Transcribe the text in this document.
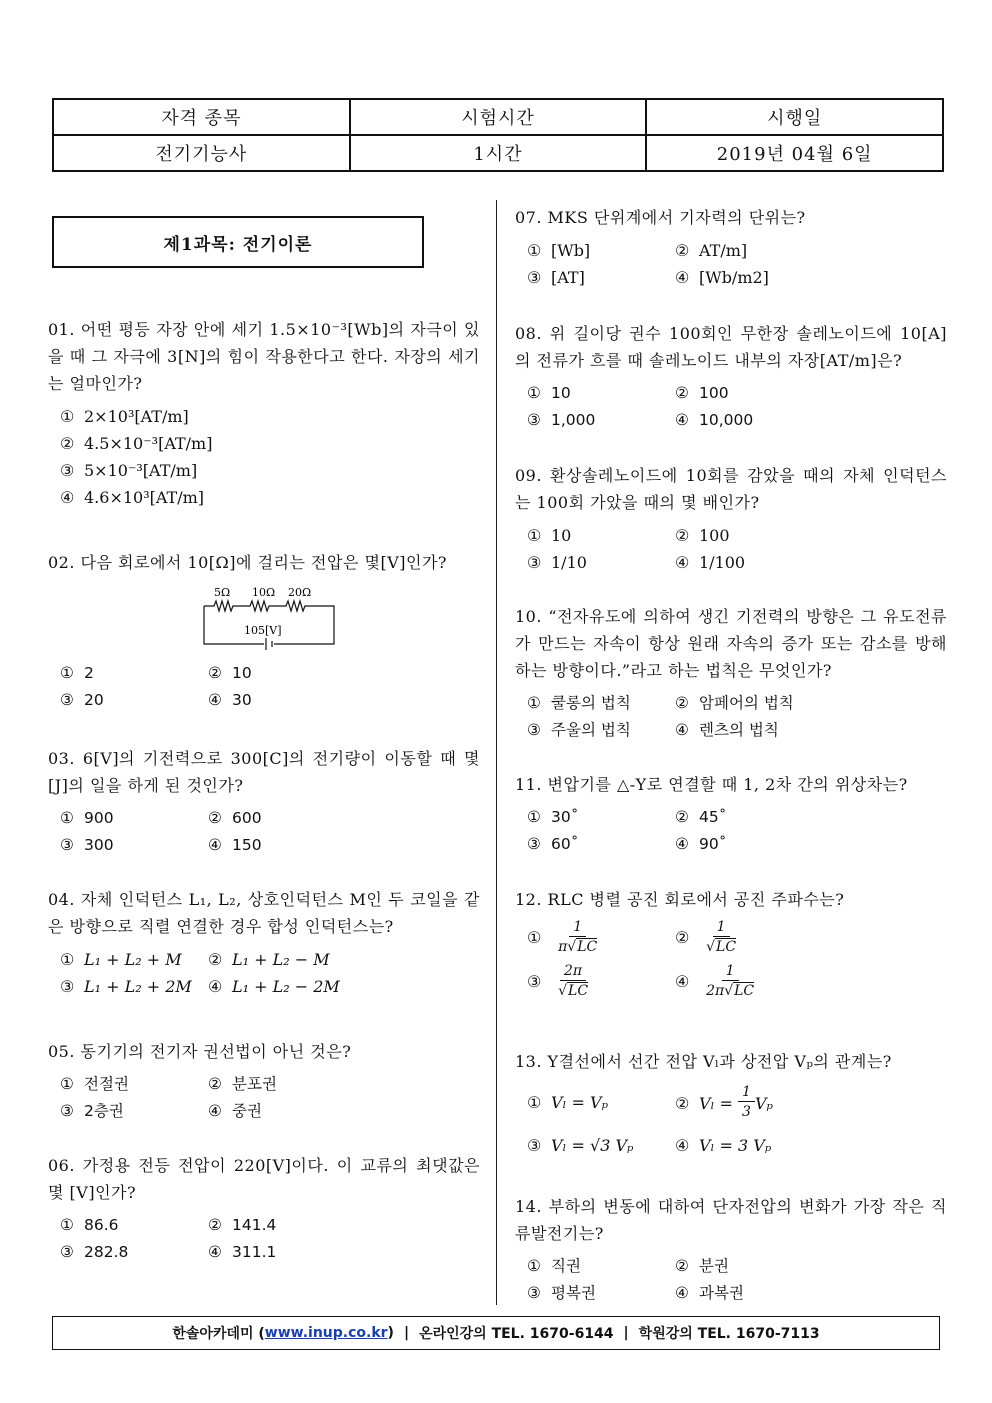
자격 종목	시험시간	시행일
전기기능사	1시간	2019년 04월 6일
제1과목: 전기이론

01. 어떤 평등 자장 안에 세기 1.5×10⁻³[Wb]의 자극이 있을 때 그 자극에 3[N]의 힘이 작용한다고 한다. 자장의 세기는 얼마인가?

① 2×10³[AT/m]
② 4.5×10⁻³[AT/m]
③ 5×10⁻³[AT/m]
④ 4.6×10³[AT/m]

02. 다음 회로에서 10[Ω]에 걸리는 전압은 몇[V]인가?

5Ω 10Ω 20Ω
105[V]
① 2	② 10
③ 20	④ 30

03. 6[V]의 기전력으로 300[C]의 전기량이 이동할 때 몇 [J]의 일을 하게 된 것인가?

① 900	② 600
③ 300	④ 150

04. 자체 인덕턴스 L₁, L₂, 상호인덕턴스 M인 두 코일을 같은 방향으로 직렬 연결한 경우 합성 인덕턴스는?

① L₁ + L₂ + M	② L₁ + L₂ − M
③ L₁ + L₂ + 2M	④ L₁ + L₂ − 2M

05. 동기기의 전기자 권선법이 아닌 것은?

① 전절권	② 분포권
③ 2층권	④ 중권

06. 가정용 전등 전압이 220[V]이다. 이 교류의 최댓값은 몇 [V]인가?

① 86.6	② 141.4
③ 282.8	④ 311.1

07. MKS 단위계에서 기자력의 단위는?

① [Wb]	② AT/m]
③ [AT]	④ [Wb/m2]

08. 위 길이당 권수 100회인 무한장 솔레노이드에 10[A]의 전류가 흐를 때 솔레노이드 내부의 자장[AT/m]은?

① 10	② 100
③ 1,000	④ 10,000

09. 환상솔레노이드에 10회를 감았을 때의 자체 인덕턴스는 100회 가았을 때의 몇 배인가?

① 10	② 100
③ 1/10	④ 1/100

10. “전자유도에 의하여 생긴 기전력의 방향은 그 유도전류가 만드는 자속이 항상 원래 자속의 증가 또는 감소를 방해하는 방향이다.”라고 하는 법칙은 무엇인가?

① 쿨롱의 법칙	② 암페어의 법칙
③ 주울의 법칙	④ 렌츠의 법칙

11. 변압기를 △-Y로 연결할 때 1, 2차 간의 위상차는?

① 30˚	② 45˚
③ 60˚	④ 90˚

12. RLC 병렬 공진 회로에서 공진 주파수는?

① $\frac{1}{\pi√LC}$	② $\frac{1}{√LC}$
③ $\frac{2\pi}{√LC}$	④ $\frac{1}{2\pi√LC}$

13. Y결선에서 선간 전압 Vₗ과 상전압 Vₚ의 관계는?

① Vₗ = Vₚ	② Vₗ =
$\frac{1}{3}$ Vₚ
③ Vₗ = √3 Vₚ	④ Vₗ = 3 Vₚ

14. 부하의 변동에 대하여 단자전압의 변화가 가장 작은 직류발전기는?

① 직권	② 분권
③ 평복권	④ 과복권
한솔아카데미 ( www.inup.co.kr ) | 온라인강의 TEL. 1670-6144 | 학원강의 TEL. 1670-7113
